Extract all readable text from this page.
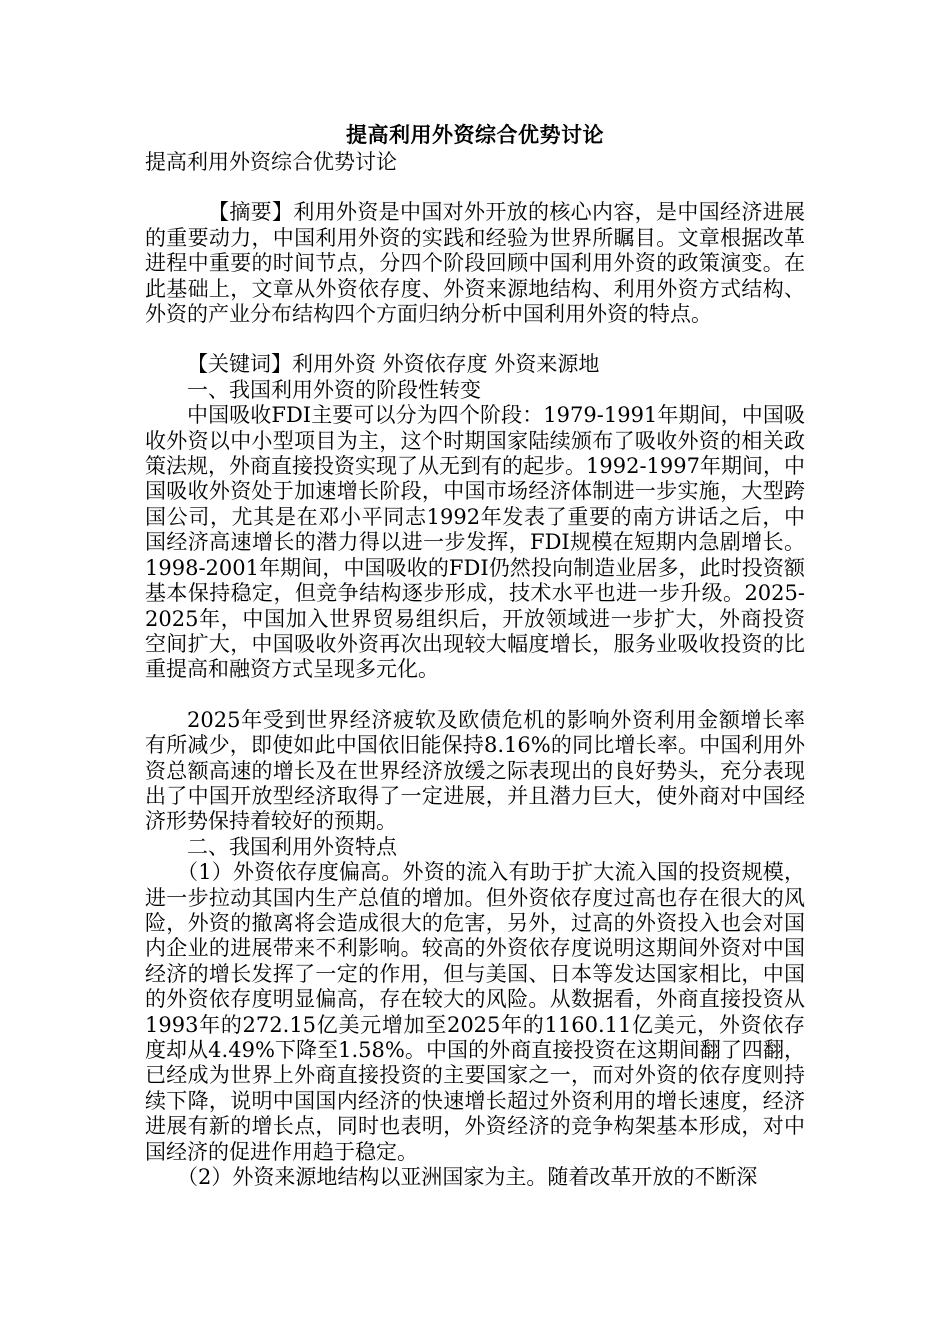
提高利用外资综合优势讨论

提高利用外资综合优势讨论

【摘要】利用外资是中国对外开放的核心内容，是中国经济进展的重要动力，中国利用外资的实践和经验为世界所瞩目。文章根据改革进程中重要的时间节点，分四个阶段回顾中国利用外资的政策演变。在此基础上，文章从外资依存度、外资来源地结构、利用外资方式结构、外资的产业分布结构四个方面归纳分析中国利用外资的特点。

【关键词】利用外资 外资依存度 外资来源地

一、我国利用外资的阶段性转变

中国吸收FDI主要可以分为四个阶段：1979-1991年期间，中国吸收外资以中小型项目为主，这个时期国家陆续颁布了吸收外资的相关政策法规，外商直接投资实现了从无到有的起步。1992-1997年期间，中国吸收外资处于加速增长阶段，中国市场经济体制进一步实施，大型跨国公司，尤其是在邓小平同志1992年发表了重要的南方讲话之后，中国经济高速增长的潜力得以进一步发挥，FDI规模在短期内急剧增长。1998-2001年期间，中国吸收的FDI仍然投向制造业居多，此时投资额基本保持稳定，但竞争结构逐步形成，技术水平也进一步升级。2025-2025年，中国加入世界贸易组织后，开放领域进一步扩大，外商投资空间扩大，中国吸收外资再次出现较大幅度增长，服务业吸收投资的比重提高和融资方式呈现多元化。

2025年受到世界经济疲软及欧债危机的影响外资利用金额增长率有所减少，即使如此中国依旧能保持8.16%的同比增长率。中国利用外资总额高速的增长及在世界经济放缓之际表现出的良好势头，充分表现出了中国开放型经济取得了一定进展，并且潜力巨大，使外商对中国经济形势保持着较好的预期。

二、我国利用外资特点

（1）外资依存度偏高。外资的流入有助于扩大流入国的投资规模，进一步拉动其国内生产总值的增加。但外资依存度过高也存在很大的风险，外资的撤离将会造成很大的危害，另外，过高的外资投入也会对国内企业的进展带来不利影响。较高的外资依存度说明这期间外资对中国经济的增长发挥了一定的作用，但与美国、日本等发达国家相比，中国的外资依存度明显偏高，存在较大的风险。从数据看，外商直接投资从1993年的272.15亿美元增加至2025年的1160.11亿美元，外资依存度却从4.49%下降至1.58%。中国的外商直接投资在这期间翻了四翻，已经成为世界上外商直接投资的主要国家之一，而对外资的依存度则持续下降，说明中国国内经济的快速增长超过外资利用的增长速度，经济进展有新的增长点，同时也表明，外资经济的竞争构架基本形成，对中国经济的促进作用趋于稳定。

（2）外资来源地结构以亚洲国家为主。随着改革开放的不断深
